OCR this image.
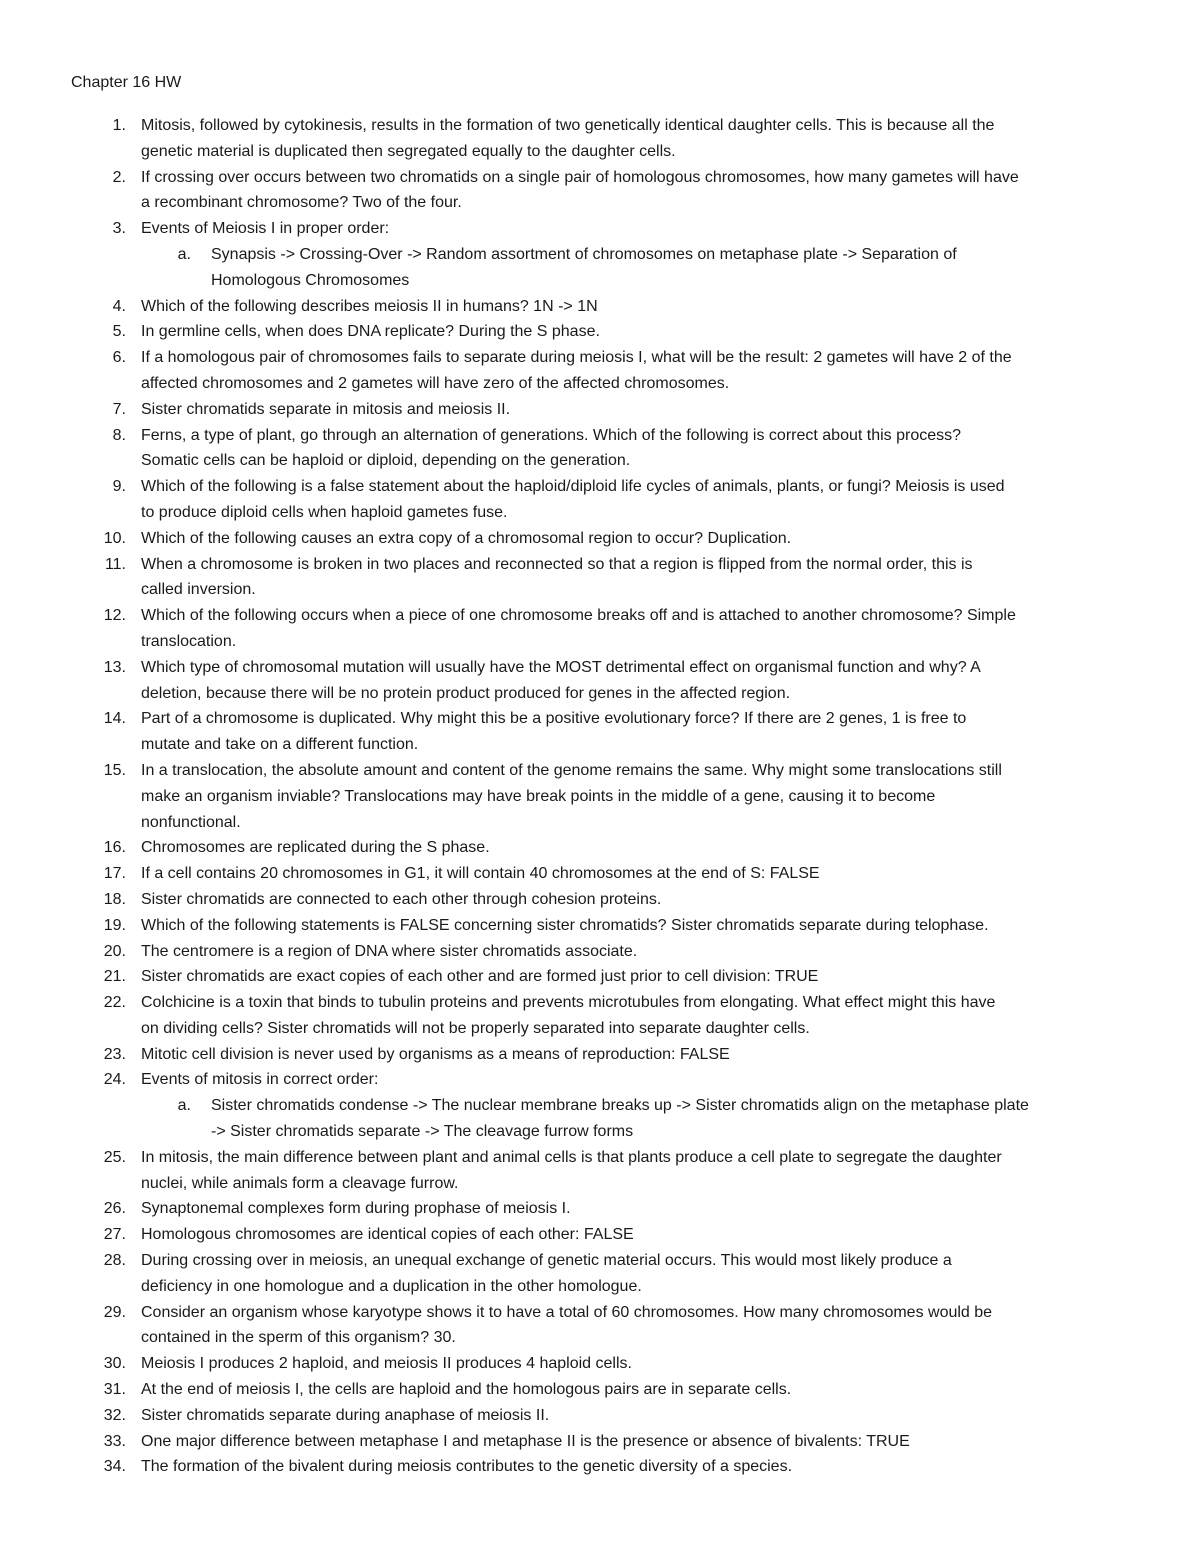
Chapter 16 HW
1. Mitosis, followed by cytokinesis, results in the formation of two genetically identical daughter cells. This is because all the
genetic material is duplicated then segregated equally to the daughter cells.
2. If crossing over occurs between two chromatids on a single pair of homologous chromosomes, how many gametes will have
a recombinant chromosome? Two of the four.
3. Events of Meiosis I in proper order:
a. Synapsis -> Crossing-Over -> Random assortment of chromosomes on metaphase plate -> Separation of
Homologous Chromosomes
4. Which of the following describes meiosis II in humans? 1N -> 1N
5. In germline cells, when does DNA replicate? During the S phase.
6. If a homologous pair of chromosomes fails to separate during meiosis I, what will be the result: 2 gametes will have 2 of the
affected chromosomes and 2 gametes will have zero of the affected chromosomes.
7. Sister chromatids separate in mitosis and meiosis II.
8. Ferns, a type of plant, go through an alternation of generations. Which of the following is correct about this process?
Somatic cells can be haploid or diploid, depending on the generation.
9. Which of the following is a false statement about the haploid/diploid life cycles of animals, plants, or fungi? Meiosis is used
to produce diploid cells when haploid gametes fuse.
10. Which of the following causes an extra copy of a chromosomal region to occur? Duplication.
11. When a chromosome is broken in two places and reconnected so that a region is flipped from the normal order, this is
called inversion.
12. Which of the following occurs when a piece of one chromosome breaks off and is attached to another chromosome? Simple
translocation.
13. Which type of chromosomal mutation will usually have the MOST detrimental effect on organismal function and why? A
deletion, because there will be no protein product produced for genes in the affected region.
14. Part of a chromosome is duplicated. Why might this be a positive evolutionary force? If there are 2 genes, 1 is free to
mutate and take on a different function.
15. In a translocation, the absolute amount and content of the genome remains the same. Why might some translocations still
make an organism inviable? Translocations may have break points in the middle of a gene, causing it to become
nonfunctional.
16. Chromosomes are replicated during the S phase.
17. If a cell contains 20 chromosomes in G1, it will contain 40 chromosomes at the end of S: FALSE
18. Sister chromatids are connected to each other through cohesion proteins.
19. Which of the following statements is FALSE concerning sister chromatids? Sister chromatids separate during telophase.
20. The centromere is a region of DNA where sister chromatids associate.
21. Sister chromatids are exact copies of each other and are formed just prior to cell division: TRUE
22. Colchicine is a toxin that binds to tubulin proteins and prevents microtubules from elongating. What effect might this have
on dividing cells? Sister chromatids will not be properly separated into separate daughter cells.
23. Mitotic cell division is never used by organisms as a means of reproduction: FALSE
24. Events of mitosis in correct order:
a. Sister chromatids condense -> The nuclear membrane breaks up -> Sister chromatids align on the metaphase plate
-> Sister chromatids separate -> The cleavage furrow forms
25. In mitosis, the main difference between plant and animal cells is that plants produce a cell plate to segregate the daughter
nuclei, while animals form a cleavage furrow.
26. Synaptonemal complexes form during prophase of meiosis I.
27. Homologous chromosomes are identical copies of each other: FALSE
28. During crossing over in meiosis, an unequal exchange of genetic material occurs. This would most likely produce a
deficiency in one homologue and a duplication in the other homologue.
29. Consider an organism whose karyotype shows it to have a total of 60 chromosomes. How many chromosomes would be
contained in the sperm of this organism? 30.
30. Meiosis I produces 2 haploid, and meiosis II produces 4 haploid cells.
31. At the end of meiosis I, the cells are haploid and the homologous pairs are in separate cells.
32. Sister chromatids separate during anaphase of meiosis II.
33. One major difference between metaphase I and metaphase II is the presence or absence of bivalents: TRUE
34. The formation of the bivalent during meiosis contributes to the genetic diversity of a species.
